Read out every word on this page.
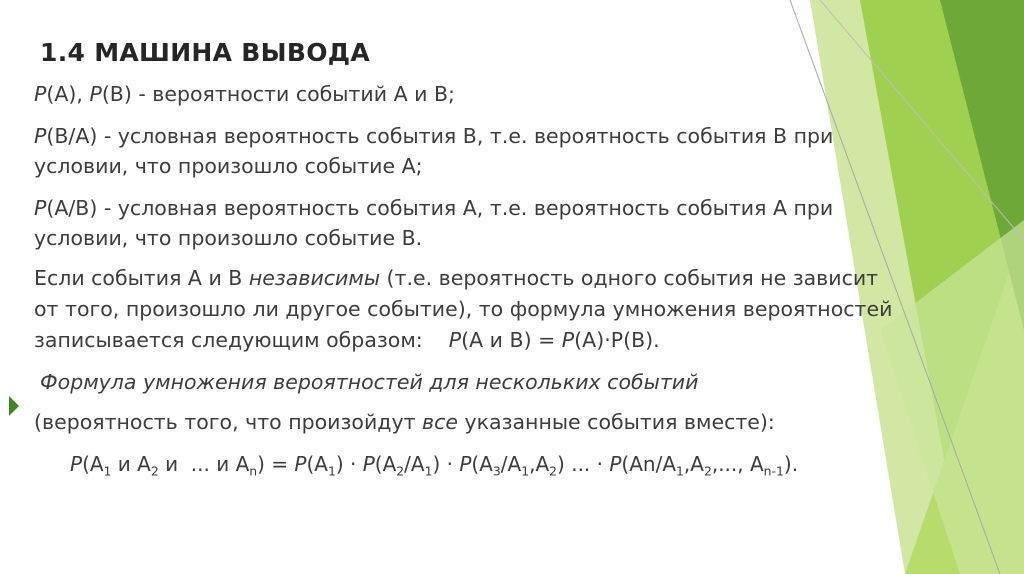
1.4 МАШИНА ВЫВОДА
P(A), P(B) - вероятности событий A и B;
P(B/A) - условная вероятность события B, т.е. вероятность события B при
условии, что произошло событие A;
P(A/B) - условная вероятность события A, т.е. вероятность события A при
условии, что произошло событие B.
Если события A и B независимы (т.е. вероятность одного события не зависит
от того, произошло ли другое событие), то формула умножения вероятностей
записывается следующим образом:    P(A и B) = P(A)·P(B).
Формула умножения вероятностей для нескольких событий
(вероятность того, что произойдут все указанные события вместе):
$P(A_1$ и $A_2$ и  ... и $A_n) = P(A_1) \cdot P(A_2/A_1) \cdot P(A_3/A_1,A_2)$ ... · $P(An/A_1,A_2$,..., $A_{n-1}$).
